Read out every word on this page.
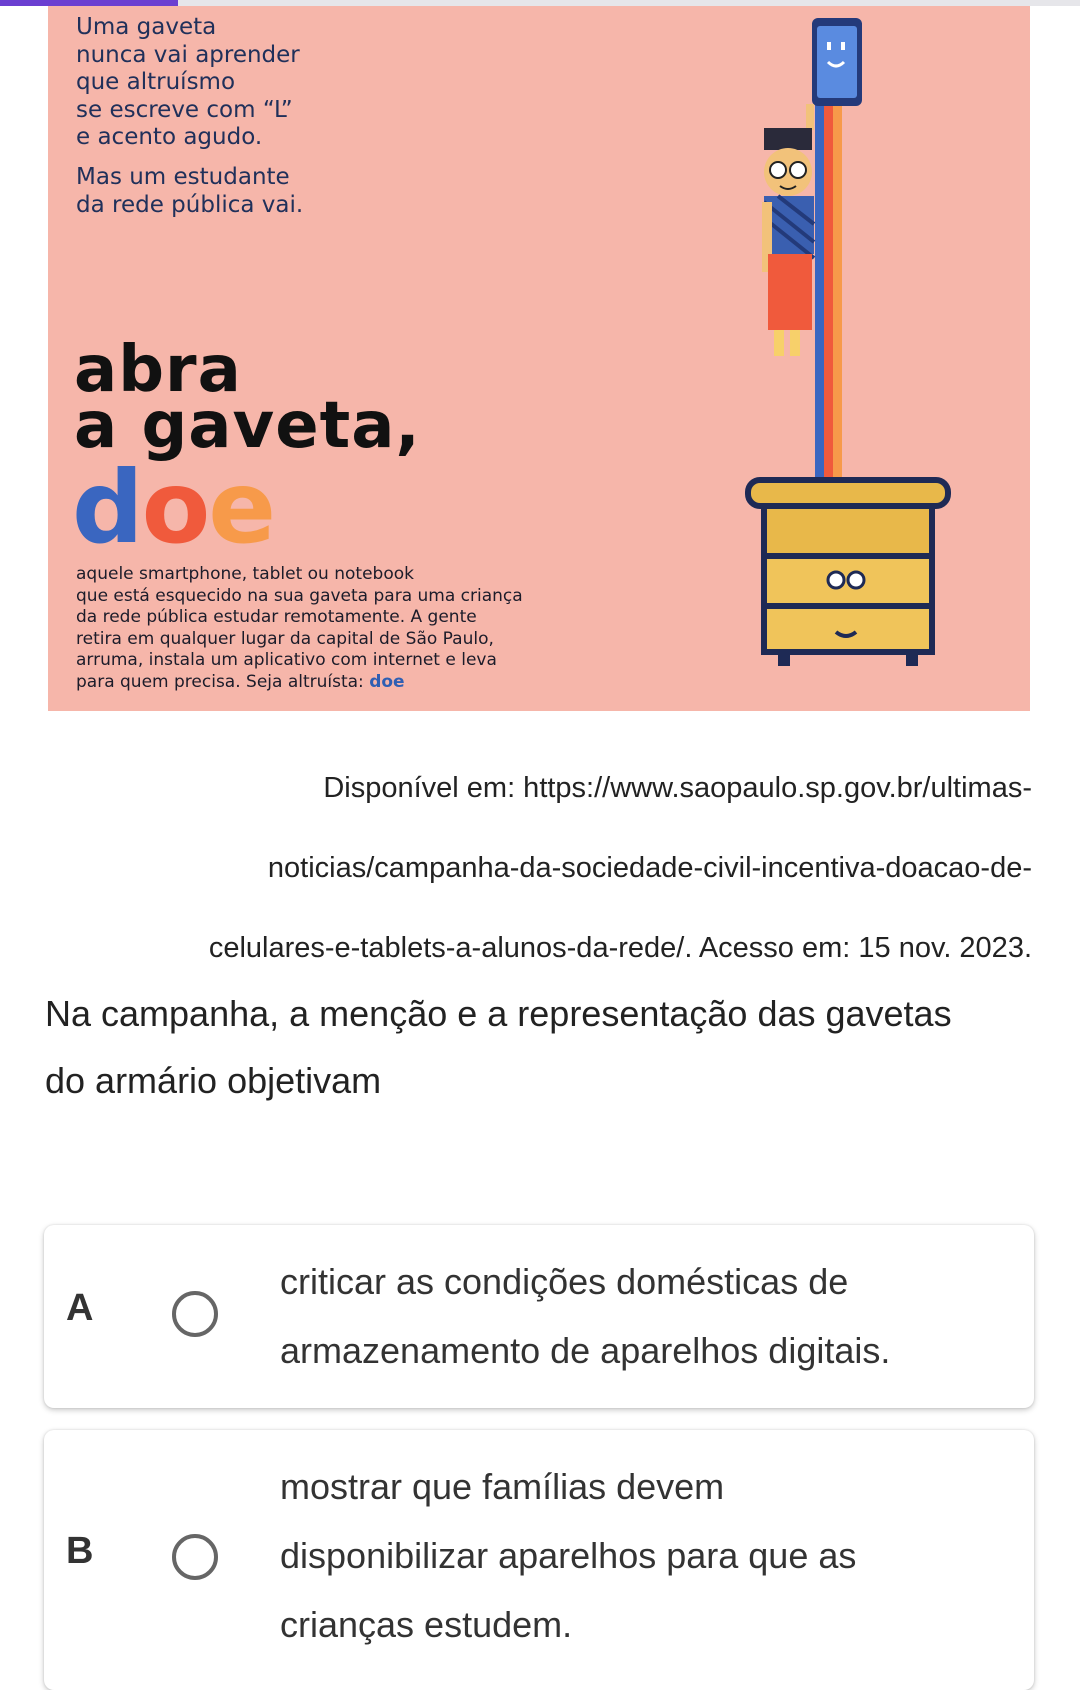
Uma gaveta
nunca vai aprender
que altruísmo
se escreve com “L”
e acento agudo.
Mas um estudante
da rede pública vai.
abra
a gaveta,
doe
aquele smartphone, tablet ou notebook
que está esquecido na sua gaveta para uma criança
da rede pública estudar remotamente. A gente
retira em qualquer lugar da capital de São Paulo,
arruma, instala um aplicativo com internet e leva
para quem precisa. Seja altruísta: doe
Disponível em: https://www.saopaulo.sp.gov.br/ultimas-
noticias/campanha-da-sociedade-civil-incentiva-doacao-de-
celulares-e-tablets-a-alunos-da-rede/. Acesso em: 15 nov. 2023.
Na campanha, a menção e a representação das gavetas
do armário objetivam
A
criticar as condições domésticas de
armazenamento de aparelhos digitais.
B
mostrar que famílias devem
disponibilizar aparelhos para que as
crianças estudem.
